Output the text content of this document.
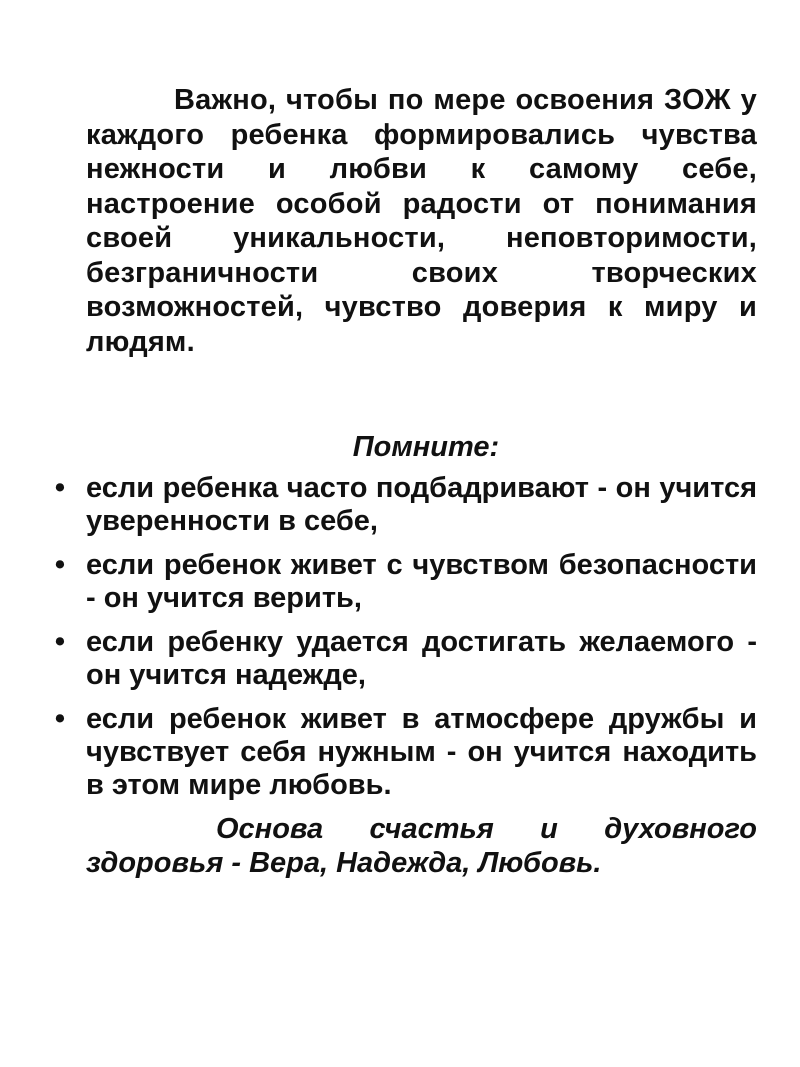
Важно, чтобы по мере освоения ЗОЖ у каждого ребенка формировались чувства нежности и любви к самому себе, настроение особой радости от понимания своей уникальности, неповторимости, безграничности своих творческих возможностей, чувство доверия к миру и людям.
Помните:
• если ребенка часто подбадривают - он учится уверенности в себе,
• если ребенок живет с чувством безопасности - он учится верить,
• если ребенку удается достигать желаемого - он учится надежде,
• если ребенок живет в атмосфере дружбы и чувствует себя нужным - он учится находить в этом мире любовь.
Основа счастья и духовного здоровья - Вера, Надежда, Любовь.
